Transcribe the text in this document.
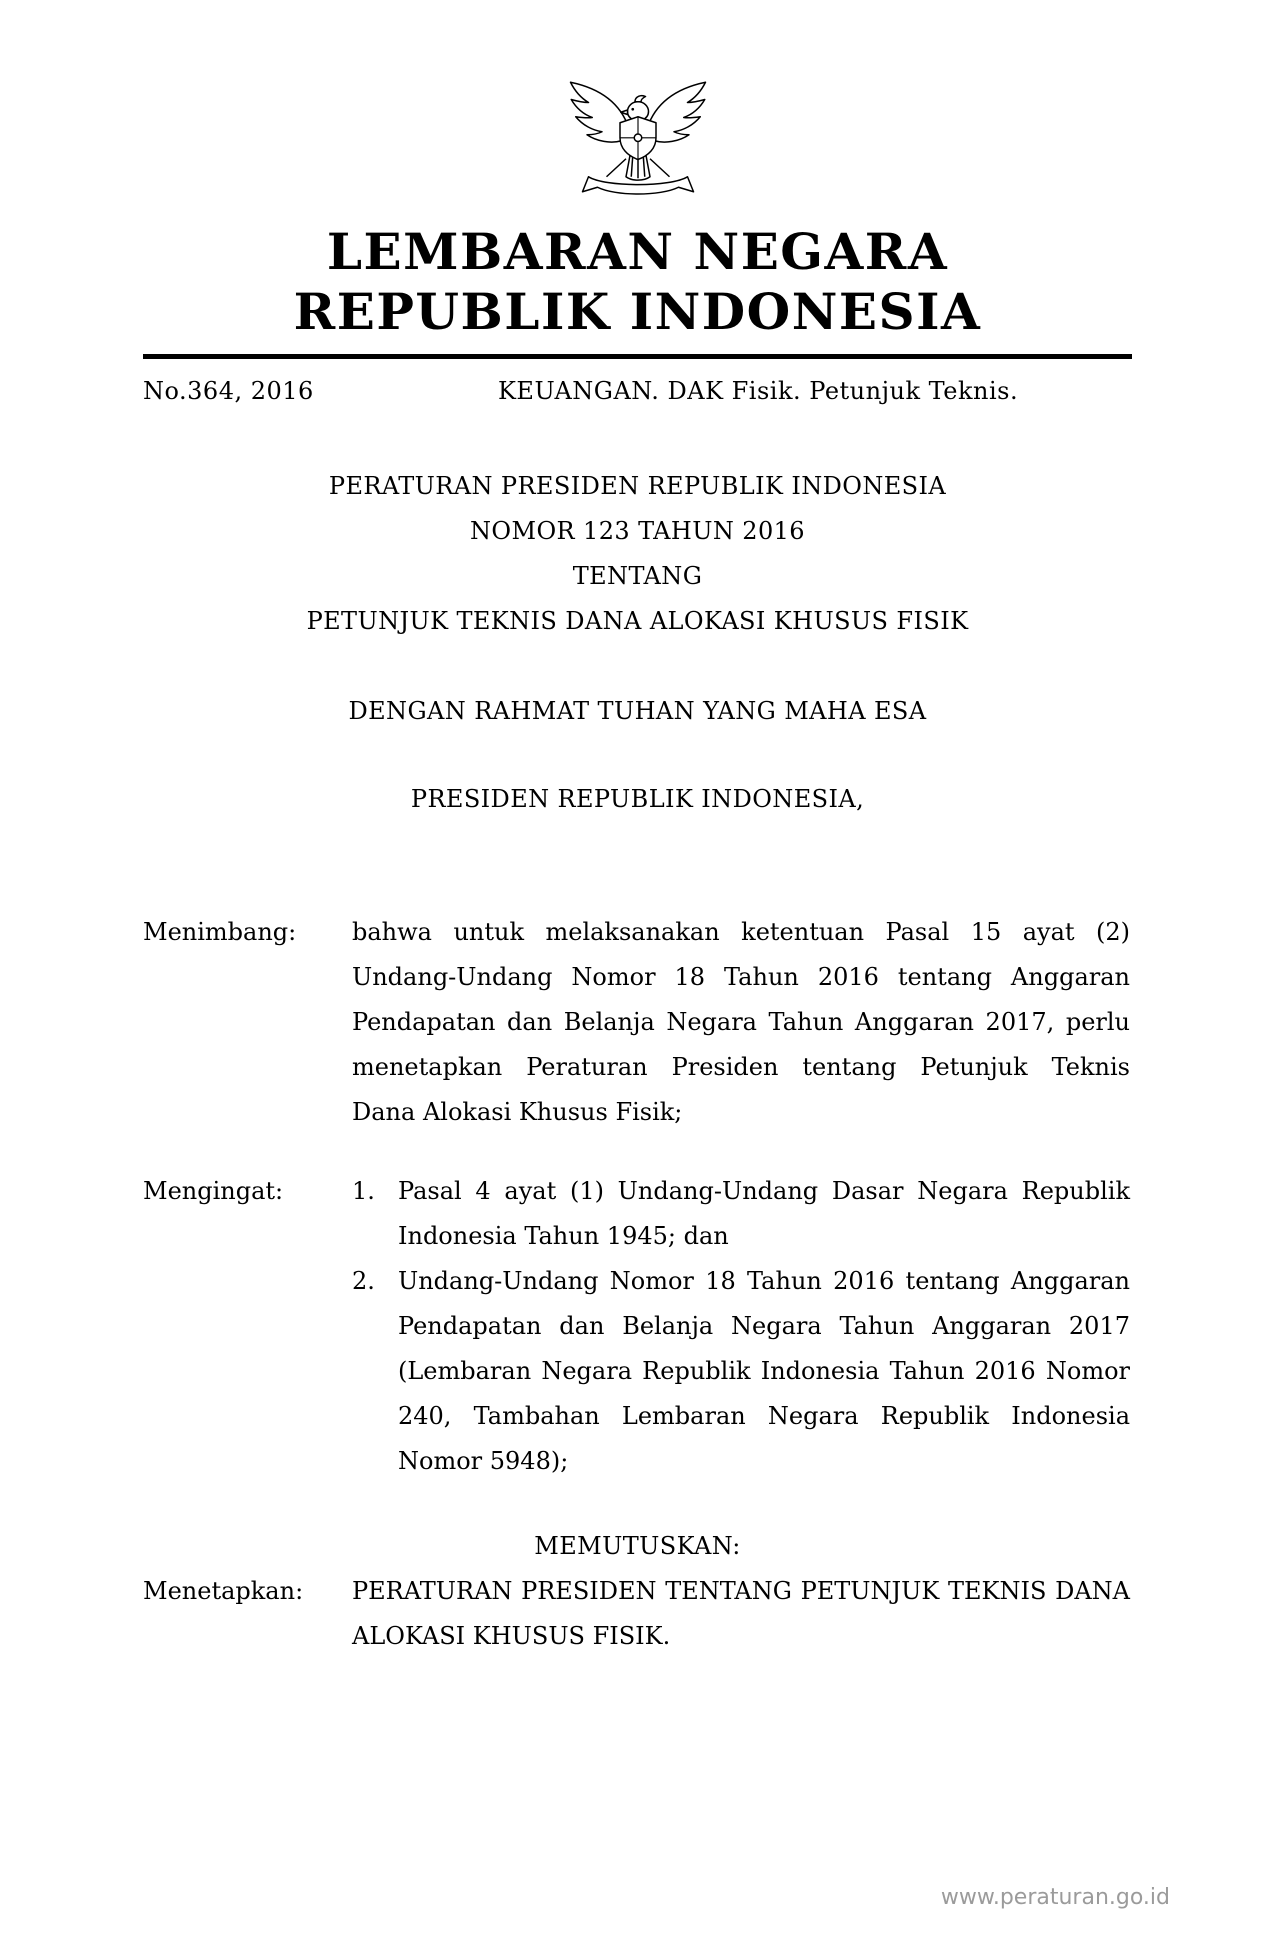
LEMBARAN NEGARA
REPUBLIK INDONESIA
No.364, 2016	KEUANGAN. DAK Fisik. Petunjuk Teknis.
PERATURAN PRESIDEN REPUBLIK INDONESIA
NOMOR 123 TAHUN 2016
TENTANG
PETUNJUK TEKNIS DANA ALOKASI KHUSUS FISIK
DENGAN RAHMAT TUHAN YANG MAHA ESA
PRESIDEN REPUBLIK INDONESIA,
Menimbang:	bahwa untuk melaksanakan ketentuan Pasal 15 ayat (2)
Undang-Undang Nomor 18 Tahun 2016 tentang Anggaran
Pendapatan dan Belanja Negara Tahun Anggaran 2017, perlu
menetapkan Peraturan Presiden tentang Petunjuk Teknis
Dana Alokasi Khusus Fisik;
Mengingat:	1. Pasal 4 ayat (1) Undang-Undang Dasar Negara Republik
Indonesia Tahun 1945; dan
2. Undang-Undang Nomor 18 Tahun 2016 tentang Anggaran
Pendapatan dan Belanja Negara Tahun Anggaran 2017
(Lembaran Negara Republik Indonesia Tahun 2016 Nomor
240, Tambahan Lembaran Negara Republik Indonesia
Nomor 5948);
MEMUTUSKAN:
Menetapkan:	PERATURAN PRESIDEN TENTANG PETUNJUK TEKNIS DANA
ALOKASI KHUSUS FISIK.
www.peraturan.go.id
